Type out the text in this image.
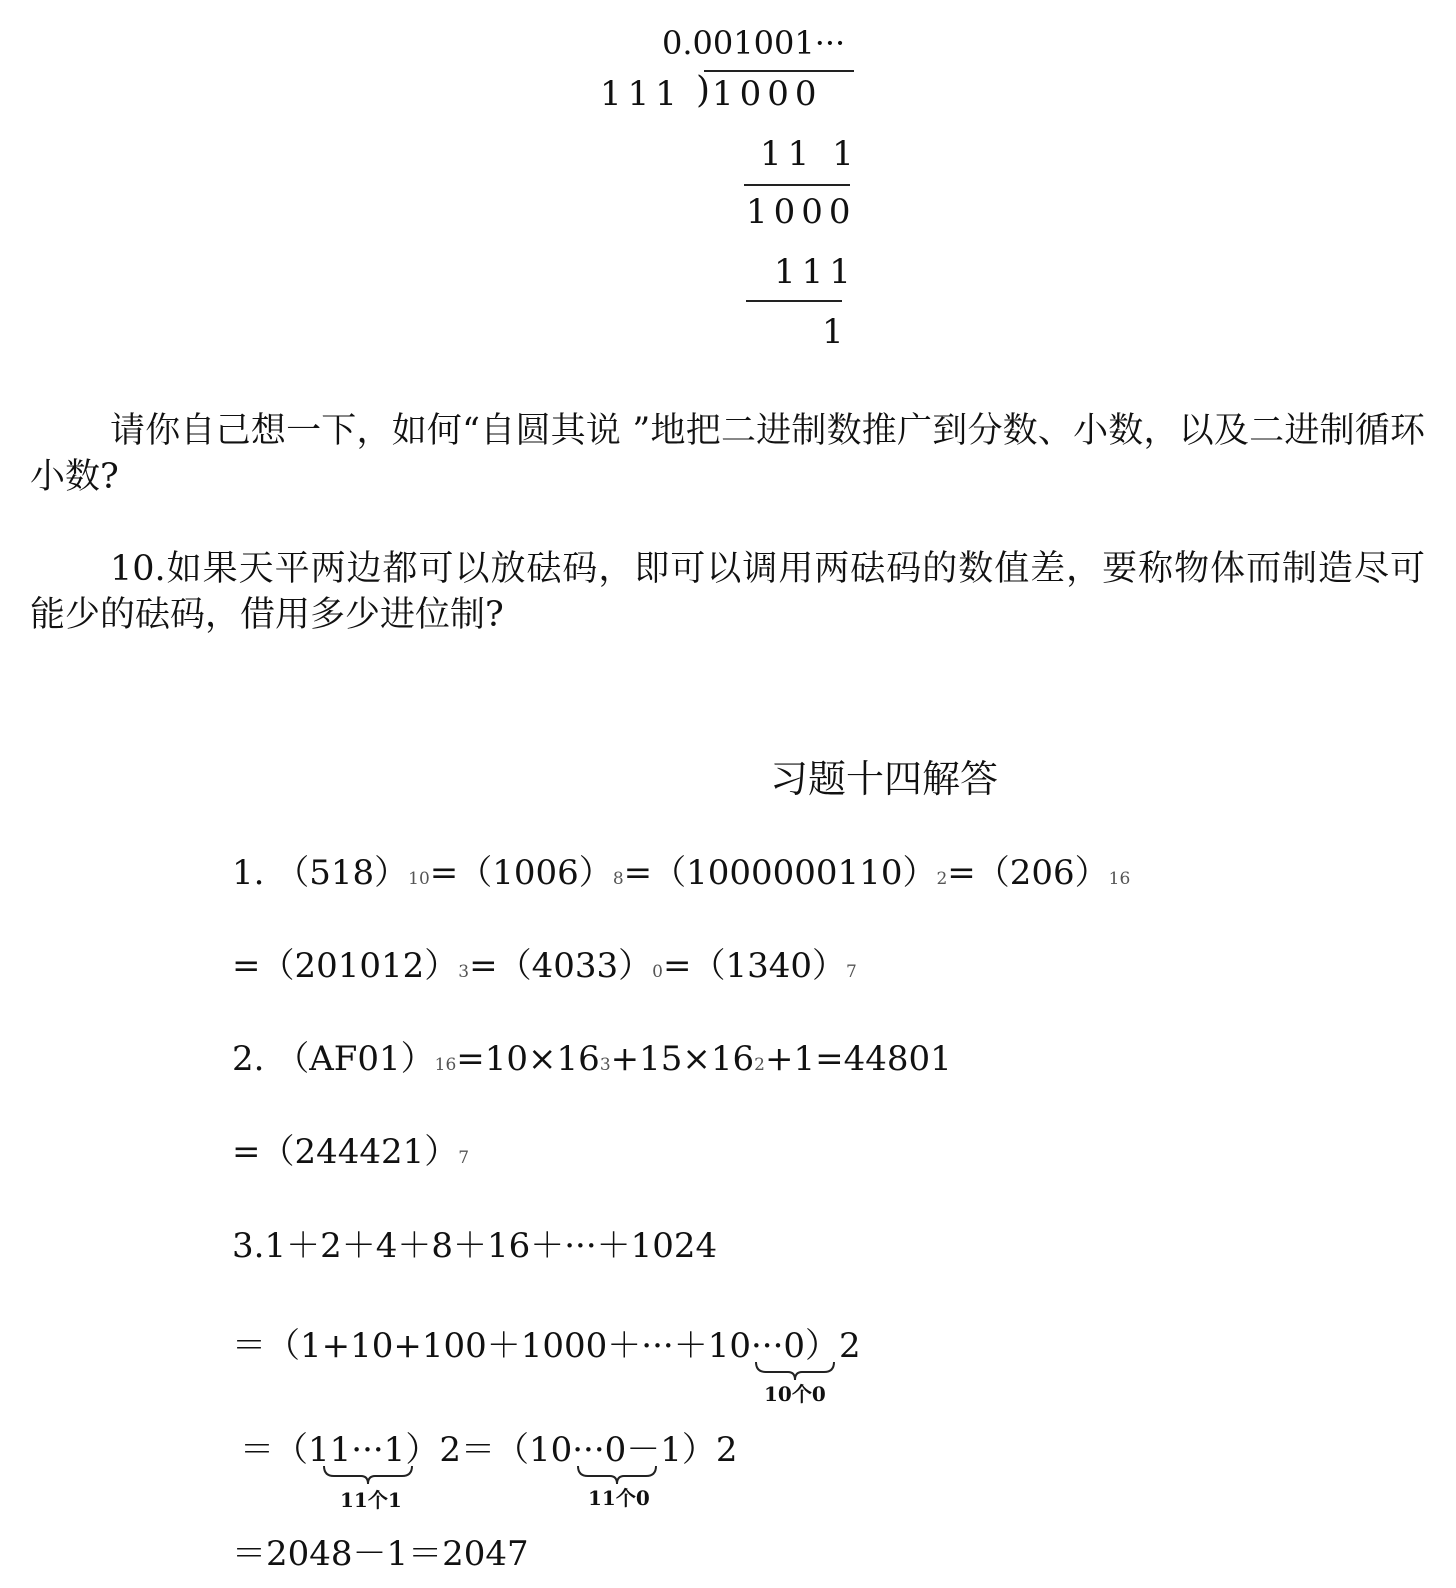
0.001001···
111 ) 1000
11 1
1000
111
1
请你自己想一下，如何“自圆其说 ”地把二进制数推广到分数、小数，以及二进制循环小数?
10.如果天平两边都可以放砝码，即可以调用两砝码的数值差，要称物体而制造尽可能少的砝码，借用多少进位制?
习题十四解答
1. （518）10=（1006）8=（1000000110）2=（206）16
=（201012）3=（4033）0=（1340）7
2. （AF01）16=10×163+15×162+1=44801
=（244421）7
3.1＋2＋4＋8＋16＋···＋1024
＝（1+10+100＋1000＋···＋10···0）2
10个0
＝（11···1）2＝（10···0－1）2
11个1	11个0
＝2048－1＝2047
